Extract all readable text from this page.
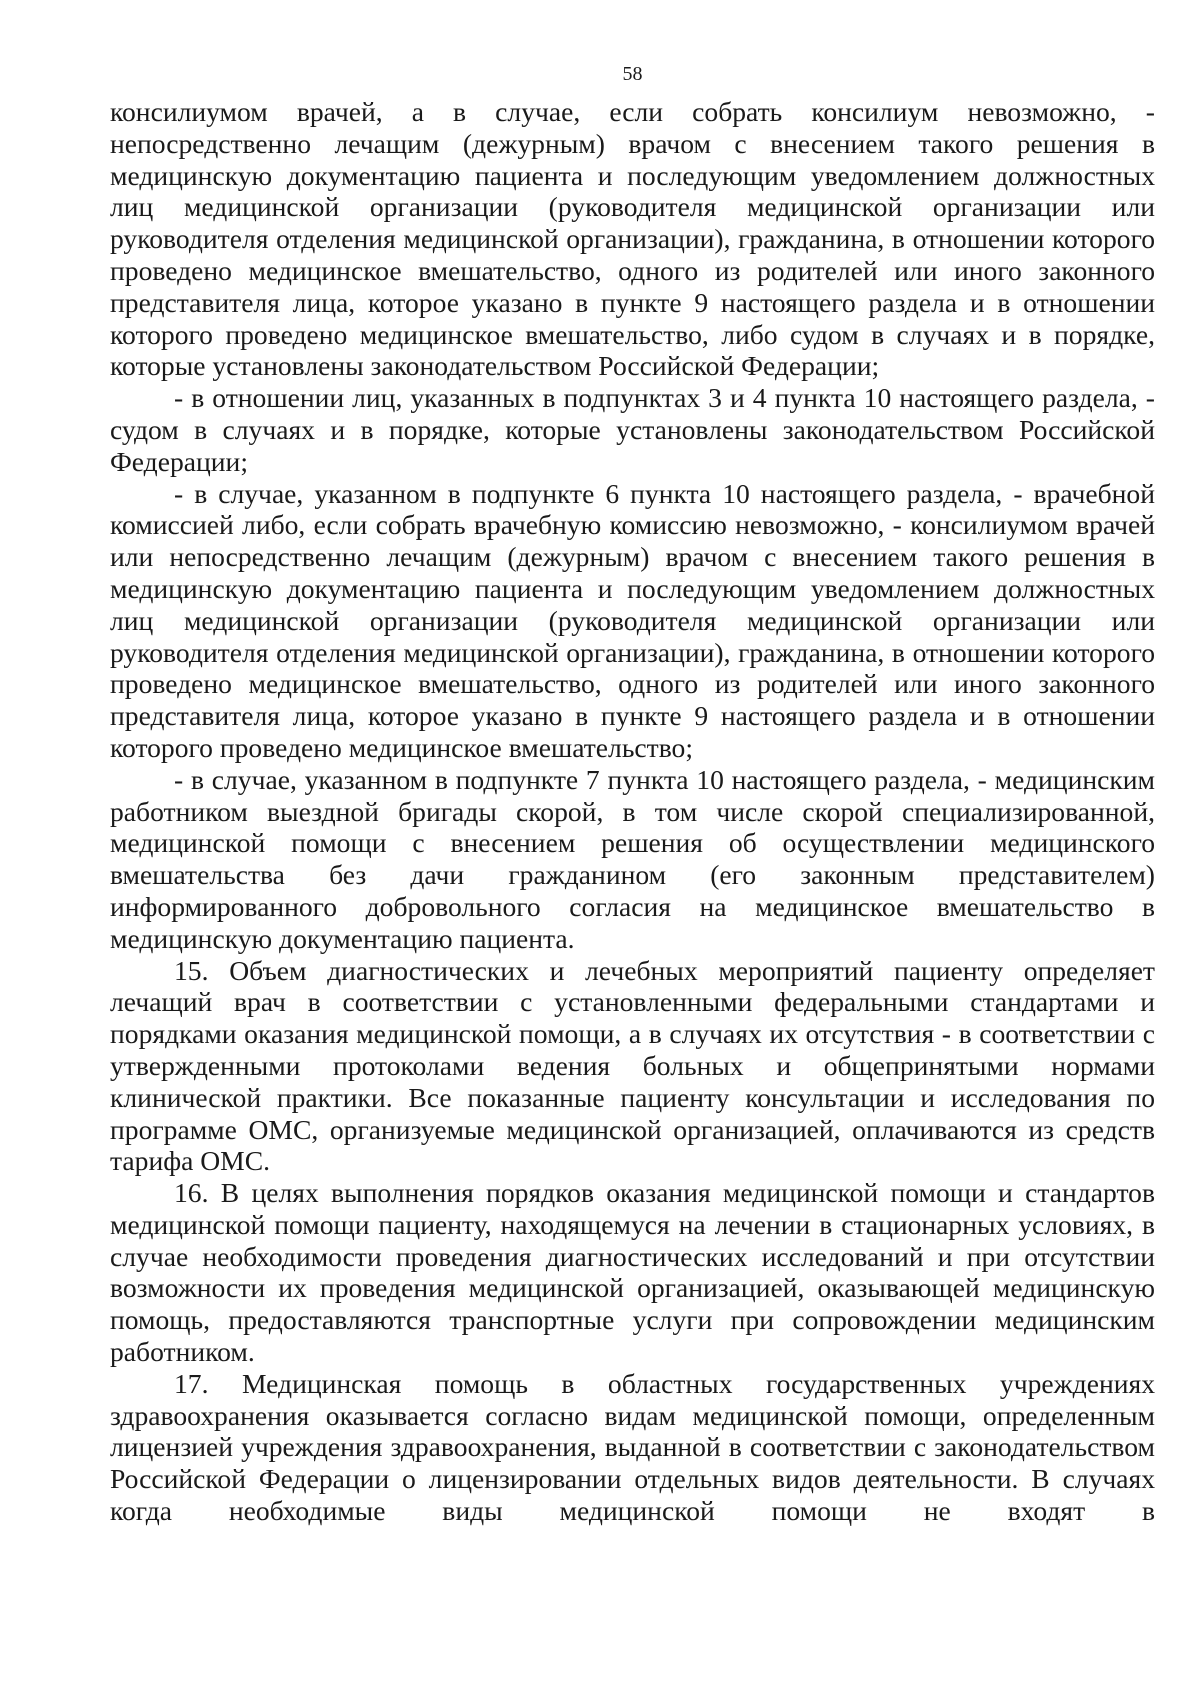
58

консилиумом врачей, а в случае, если собрать консилиум невозможно, - непосредственно лечащим (дежурным) врачом с внесением такого решения в медицинскую документацию пациента и последующим уведомлением должностных лиц медицинской организации (руководителя медицинской организации или руководителя отделения медицинской организации), гражданина, в отношении которого проведено медицинское вмешательство, одного из родителей или иного законного представителя лица, которое указано в пункте 9 настоящего раздела и в отношении которого проведено медицинское вмешательство, либо судом в случаях и в порядке, которые установлены законодательством Российской Федерации;

- в отношении лиц, указанных в подпунктах 3 и 4 пункта 10 настоящего раздела, - судом в случаях и в порядке, которые установлены законодательством Российской Федерации;

- в случае, указанном в подпункте 6 пункта 10 настоящего раздела, - врачебной комиссией либо, если собрать врачебную комиссию невозможно, - консилиумом врачей или непосредственно лечащим (дежурным) врачом с внесением такого решения в медицинскую документацию пациента и последующим уведомлением должностных лиц медицинской организации (руководителя медицинской организации или руководителя отделения медицинской организации), гражданина, в отношении которого проведено медицинское вмешательство, одного из родителей или иного законного представителя лица, которое указано в пункте 9 настоящего раздела и в отношении которого проведено медицинское вмешательство;

- в случае, указанном в подпункте 7 пункта 10 настоящего раздела, - медицинским работником выездной бригады скорой, в том числе скорой специализированной, медицинской помощи с внесением решения об осуществлении медицинского вмешательства без дачи гражданином (его законным представителем) информированного добровольного согласия на медицинское вмешательство в медицинскую документацию пациента.

15. Объем диагностических и лечебных мероприятий пациенту определяет лечащий врач в соответствии с установленными федеральными стандартами и порядками оказания медицинской помощи, а в случаях их отсутствия - в соответствии с утвержденными протоколами ведения больных и общепринятыми нормами клинической практики. Все показанные пациенту консультации и исследования по программе ОМС, организуемые медицинской организацией, оплачиваются из средств тарифа ОМС.

16. В целях выполнения порядков оказания медицинской помощи и стандартов медицинской помощи пациенту, находящемуся на лечении в стационарных условиях, в случае необходимости проведения диагностических исследований и при отсутствии возможности их проведения медицинской организацией, оказывающей медицинскую помощь, предоставляются транспортные услуги при сопровождении медицинским работником.

17. Медицинская помощь в областных государственных учреждениях здравоохранения оказывается согласно видам медицинской помощи, определенным лицензией учреждения здравоохранения, выданной в соответствии с законодательством Российской Федерации о лицензировании отдельных видов деятельности. В случаях когда необходимые виды медицинской помощи не входят в
